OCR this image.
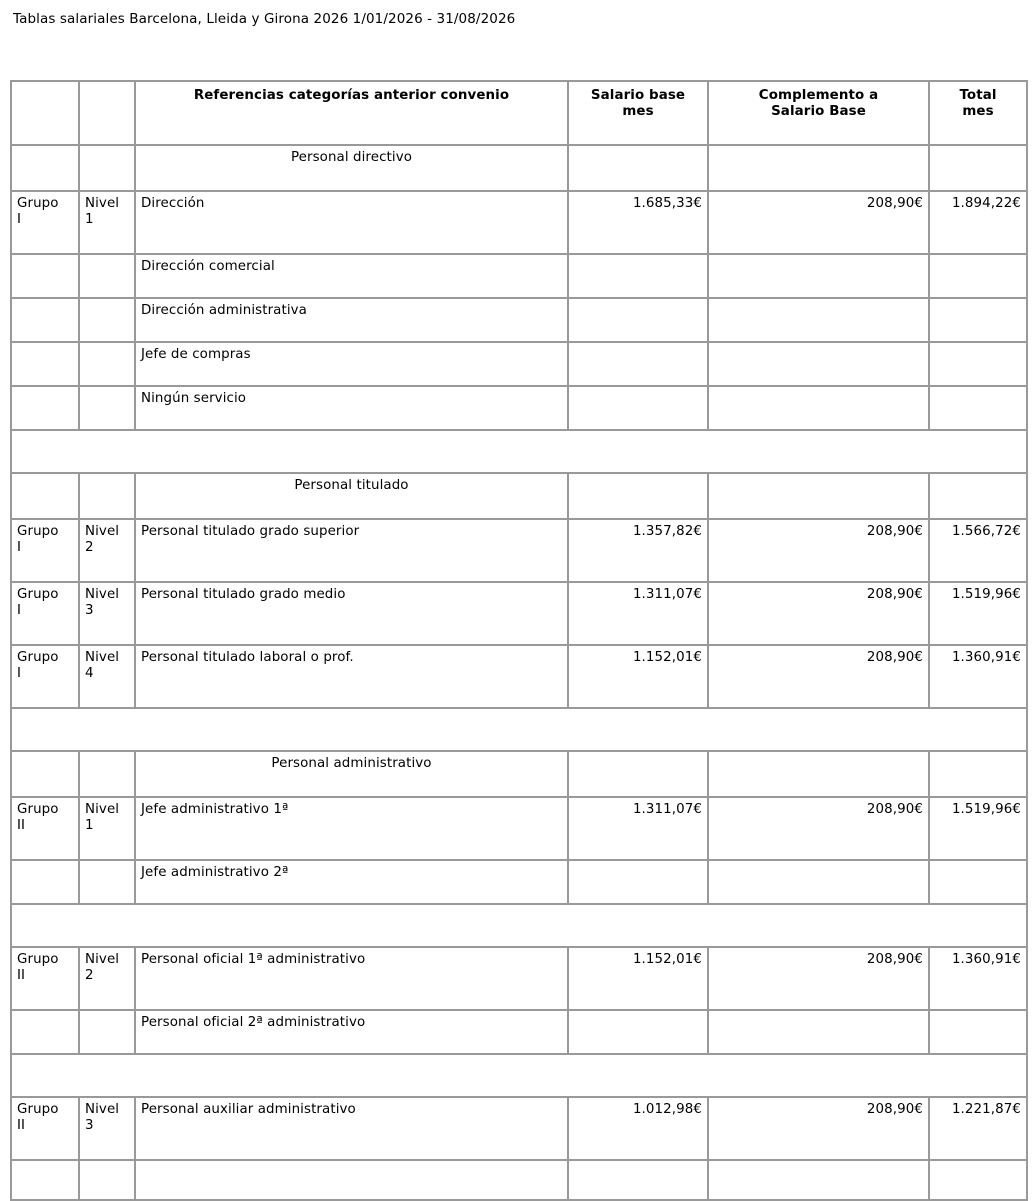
Tablas salariales Barcelona, Lleida y Girona 2026 1/01/2026 - 31/08/2026
		Referencias categorías anterior convenio	Salario base mes	Complemento a Salario Base	Total mes

		Personal directivo			

Grupo I	Nivel 1	Dirección	1.685,33€	208,90€	1.894,22€
		Dirección comercial			
		Dirección administrativa			
		Jefe de compras			
		Ningún servicio			

		Personal titulado			

Grupo I	Nivel 2	Personal titulado grado superior	1.357,82€	208,90€	1.566,72€

Grupo I	Nivel 3	Personal titulado grado medio	1.311,07€	208,90€	1.519,96€

Grupo I	Nivel 4	Personal titulado laboral o prof.	1.152,01€	208,90€	1.360,91€

		Personal administrativo			

Grupo II	Nivel 1	Jefe administrativo 1ª	1.311,07€	208,90€	1.519,96€
		Jefe administrativo 2ª			

Grupo II	Nivel 2	Personal oficial 1ª administrativo	1.152,01€	208,90€	1.360,91€
		Personal oficial 2ª administrativo			

Grupo II	Nivel 3	Personal auxiliar administrativo	1.012,98€	208,90€	1.221,87€
